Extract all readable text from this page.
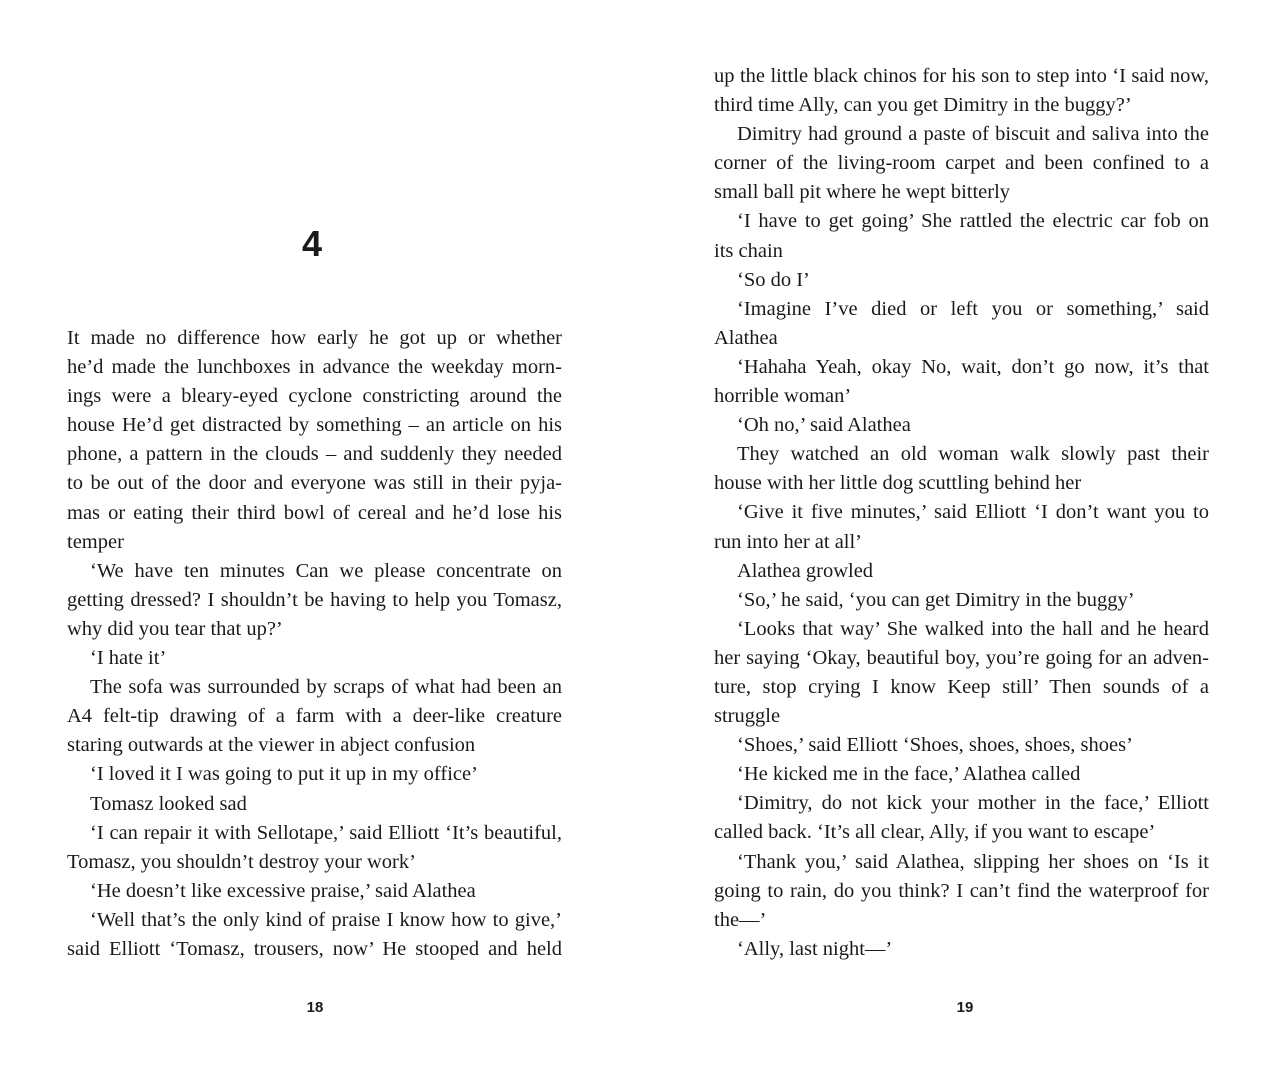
4
It made no difference how early he got up or whether
he’d made the lunchboxes in advance the weekday morn-
ings were a bleary-eyed cyclone constricting around the
house He’d get distracted by something – an article on his
phone, a pattern in the clouds – and suddenly they needed
to be out of the door and everyone was still in their pyja-
mas or eating their third bowl of cereal and he’d lose his
temper
‘We have ten minutes Can we please concentrate on
getting dressed? I shouldn’t be having to help you Tomasz,
why did you tear that up?’
‘I hate it’
The sofa was surrounded by scraps of what had been an
A4 felt-tip drawing of a farm with a deer-like creature
staring outwards at the viewer in abject confusion
‘I loved it I was going to put it up in my office’
Tomasz looked sad
‘I can repair it with Sellotape,’ said Elliott ‘It’s beautiful,
Tomasz, you shouldn’t destroy your work’
‘He doesn’t like excessive praise,’ said Alathea
‘Well that’s the only kind of praise I know how to give,’
said Elliott ‘Tomasz, trousers, now’ He stooped and held
18
up the little black chinos for his son to step into ‘I said now,
third time Ally, can you get Dimitry in the buggy?’
Dimitry had ground a paste of biscuit and saliva into the
corner of the living-room carpet and been confined to a
small ball pit where he wept bitterly
‘I have to get going’ She rattled the electric car fob on
its chain
‘So do I’
‘Imagine I’ve died or left you or something,’ said
Alathea
‘Hahaha Yeah, okay No, wait, don’t go now, it’s that
horrible woman’
‘Oh no,’ said Alathea
They watched an old woman walk slowly past their
house with her little dog scuttling behind her
‘Give it five minutes,’ said Elliott ‘I don’t want you to
run into her at all’
Alathea growled
‘So,’ he said, ‘you can get Dimitry in the buggy’
‘Looks that way’ She walked into the hall and he heard
her saying ‘Okay, beautiful boy, you’re going for an adven-
ture, stop crying I know Keep still’ Then sounds of a
struggle
‘Shoes,’ said Elliott ‘Shoes, shoes, shoes, shoes’
‘He kicked me in the face,’ Alathea called
‘Dimitry, do not kick your mother in the face,’ Elliott
called back. ‘It’s all clear, Ally, if you want to escape’
‘Thank you,’ said Alathea, slipping her shoes on ‘Is it
going to rain, do you think? I can’t find the waterproof for
the—’
‘Ally, last night—’
19
